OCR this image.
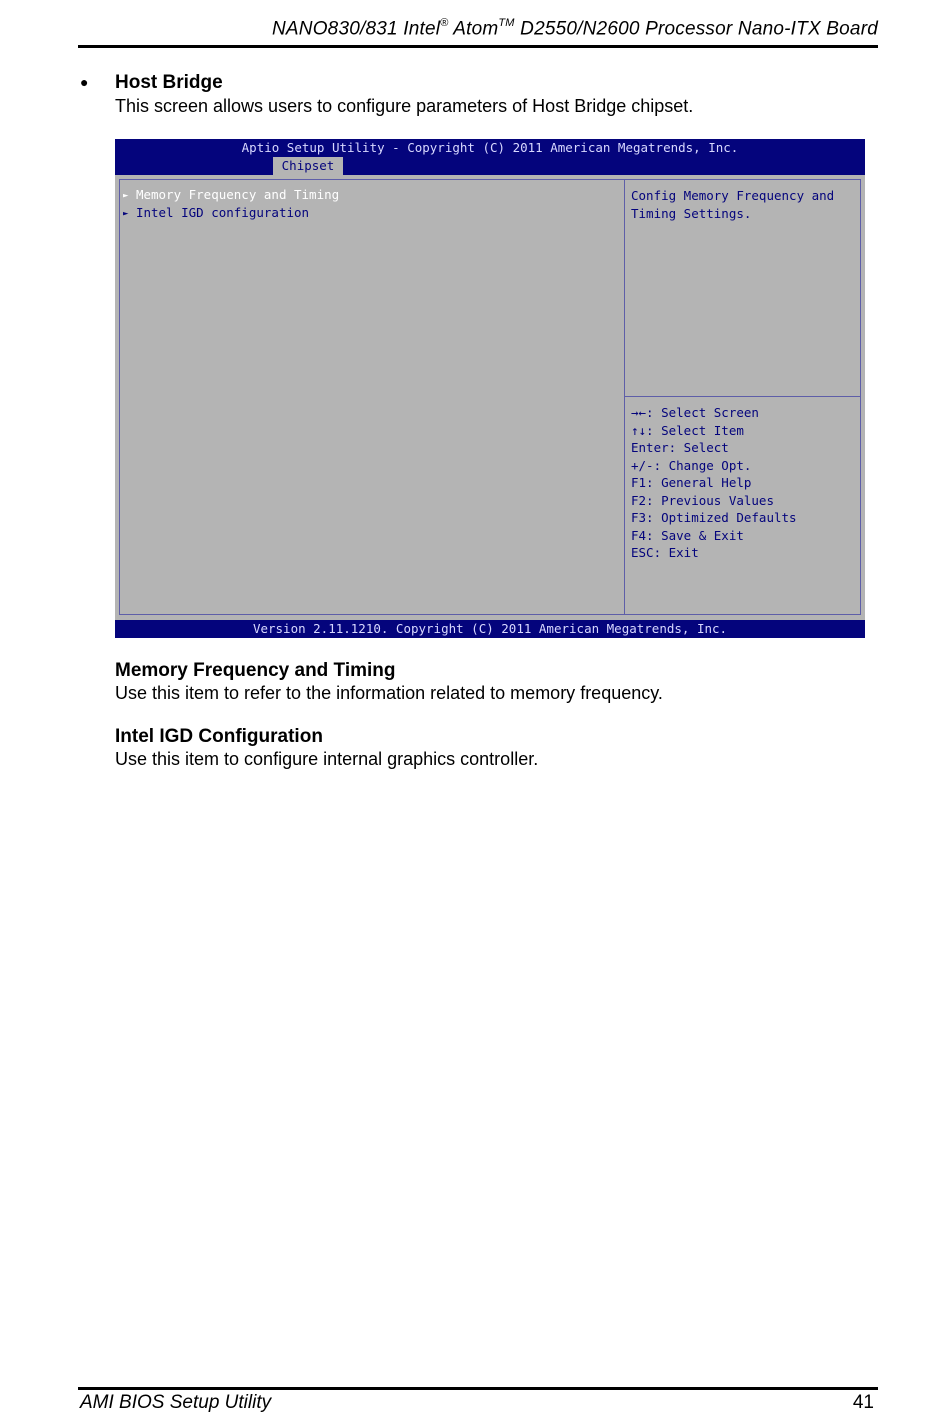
NANO830/831 Intel® Atom™ D2550/N2600 Processor Nano-ITX Board
● Host Bridge
This screen allows users to configure parameters of Host Bridge chipset.
Aptio Setup Utility - Copyright (C) 2011 American Megatrends, Inc.
Chipset
► Memory Frequency and Timing
► Intel IGD configuration
Config Memory Frequency and Timing Settings.
→←: Select Screen
↑↓: Select Item
Enter: Select
+/-: Change Opt.
F1: General Help
F2: Previous Values
F3: Optimized Defaults
F4: Save & Exit
ESC: Exit
Version 2.11.1210. Copyright (C) 2011 American Megatrends, Inc.
Memory Frequency and Timing
Use this item to refer to the information related to memory frequency.
Intel IGD Configuration
Use this item to configure internal graphics controller.
AMI BIOS Setup Utility	41
